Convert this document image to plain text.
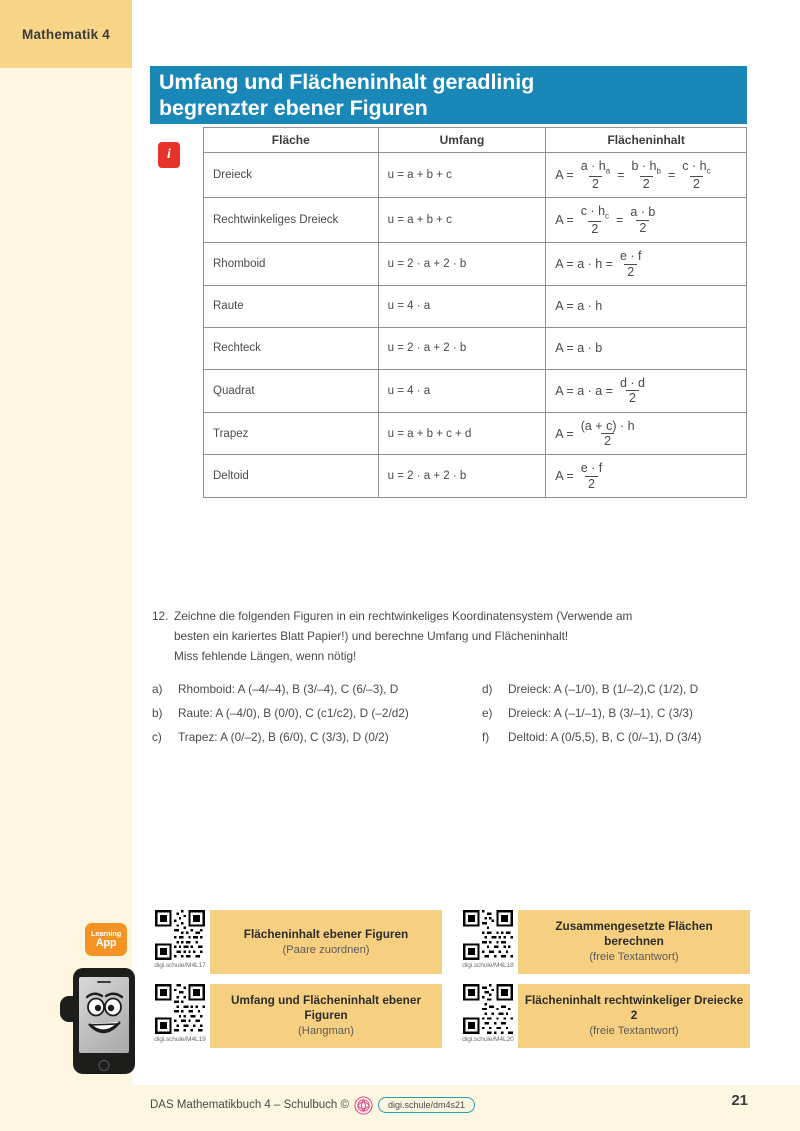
Mathematik 4
Umfang und Flächeninhalt geradlinig
begrenzter ebener Figuren
i
Fläche	Umfang	Flächeninhalt
Dreieck	u = a + b + c	$A = \frac{a \cdot h_a}{2} = \frac{b \cdot h_b}{2} = \frac{c \cdot h_c}{2}$

Rechtwinkeliges Dreieck	u = a + b + c	$A = \frac{c \cdot h_c}{2} = \frac{a \cdot b}{2}$

Rhomboid	u = 2 · a + 2 · b	$A = a \cdot h = \frac{e \cdot f}{2}$

Raute	u = 4 · a	A = a · h

Rechteck	u = 2 · a + 2 · b	A = a · b

Quadrat	u = 4 · a	$A = a \cdot a = \frac{d \cdot d}{2}$

Trapez	u = a + b + c + d	$A = \frac{(a + c) \cdot h}{2}$

Deltoid	u = 2 · a + 2 · b	$A = \frac{e \cdot f}{2}$
12. Zeichne die folgenden Figuren in ein rechtwinkeliges Koordinatensystem (Verwende am
besten ein kariertes Blatt Papier!) und berechne Umfang und Flächeninhalt!
Miss fehlende Längen, wenn nötig!
a)	Rhomboid: A (–4/–4), B (3/–4), C (6/–3), D	d)	Dreieck: A (–1/0), B (1/–2),C (1/2), D
b)	Raute: A (–4/0), B (0/0), C (c1/c2), D (–2/d2)	e)	Dreieck: A (–1/–1), B (3/–1), C (3/3)
c)	Trapez: A (0/–2), B (6/0), C (3/3), D (0/2)	f)	Deltoid: A (0/5,5), B, C (0/–1), D (3/4)
Learning
App
digi.schule/M4L17
Flächeninhalt ebener Figuren
(Paare zuordnen)
digi.schule/M4L18
Zusammengesetzte Flächen berechnen
(freie Textantwort)
digi.schule/M4L19
Umfang und Flächeninhalt ebener Figuren
(Hangman)
digi.schule/M4L20
Flächeninhalt rechtwinkeliger Dreiecke 2
(freie Textantwort)
DAS Mathematikbuch 4 – Schulbuch ©	digi.schule/dm4s21	21
